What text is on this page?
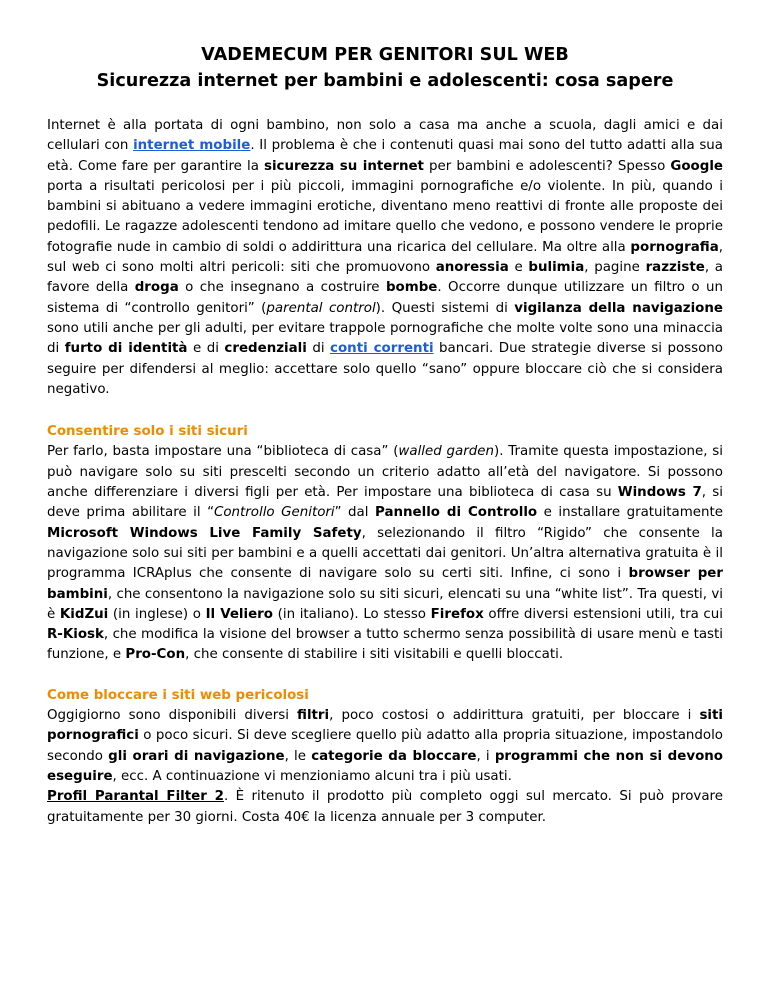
VADEMECUM PER GENITORI SUL WEB
Sicurezza internet per bambini e adolescenti: cosa sapere

Internet è alla portata di ogni bambino, non solo a casa ma anche a scuola, dagli amici e dai cellulari con internet mobile. Il problema è che i contenuti quasi mai sono del tutto adatti alla sua età. Come fare per garantire la sicurezza su internet per bambini e adolescenti? Spesso Google porta a risultati pericolosi per i più piccoli, immagini pornografiche e/o violente. In più, quando i bambini si abituano a vedere immagini erotiche, diventano meno reattivi di fronte alle proposte dei pedofili. Le ragazze adolescenti tendono ad imitare quello che vedono, e possono vendere le proprie fotografie nude in cambio di soldi o addirittura una ricarica del cellulare. Ma oltre alla pornografia, sul web ci sono molti altri pericoli: siti che promuovono anoressia e bulimia, pagine razziste, a favore della droga o che insegnano a costruire bombe. Occorre dunque utilizzare un filtro o un sistema di “controllo genitori” (parental control). Questi sistemi di vigilanza della navigazione sono utili anche per gli adulti, per evitare trappole pornografiche che molte volte sono una minaccia di furto di identità e di credenziali di conti correnti bancari. Due strategie diverse si possono seguire per difendersi al meglio: accettare solo quello “sano” oppure bloccare ciò che si considera negativo.

Consentire solo i siti sicuri

Per farlo, basta impostare una “biblioteca di casa” (walled garden). Tramite questa impostazione, si può navigare solo su siti prescelti secondo un criterio adatto all’età del navigatore. Si possono anche differenziare i diversi figli per età. Per impostare una biblioteca di casa su Windows 7, si deve prima abilitare il “Controllo Genitori” dal Pannello di Controllo e installare gratuitamente Microsoft Windows Live Family Safety, selezionando il filtro “Rigido” che consente la navigazione solo sui siti per bambini e a quelli accettati dai genitori. Un’altra alternativa gratuita è il programma ICRAplus che consente di navigare solo su certi siti. Infine, ci sono i browser per bambini, che consentono la navigazione solo su siti sicuri, elencati su una “white list”. Tra questi, vi è KidZui (in inglese) o Il Veliero (in italiano). Lo stesso Firefox offre diversi estensioni utili, tra cui R-Kiosk, che modifica la visione del browser a tutto schermo senza possibilità di usare menù e tasti funzione, e Pro-Con, che consente di stabilire i siti visitabili e quelli bloccati.

Come bloccare i siti web pericolosi

Oggigiorno sono disponibili diversi filtri, poco costosi o addirittura gratuiti, per bloccare i siti pornografici o poco sicuri. Si deve scegliere quello più adatto alla propria situazione, impostandolo secondo gli orari di navigazione, le categorie da bloccare, i programmi che non si devono eseguire, ecc. A continuazione vi menzioniamo alcuni tra i più usati.
Profil Parantal Filter 2. È ritenuto il prodotto più completo oggi sul mercato. Si può provare gratuitamente per 30 giorni. Costa 40€ la licenza annuale per 3 computer.
